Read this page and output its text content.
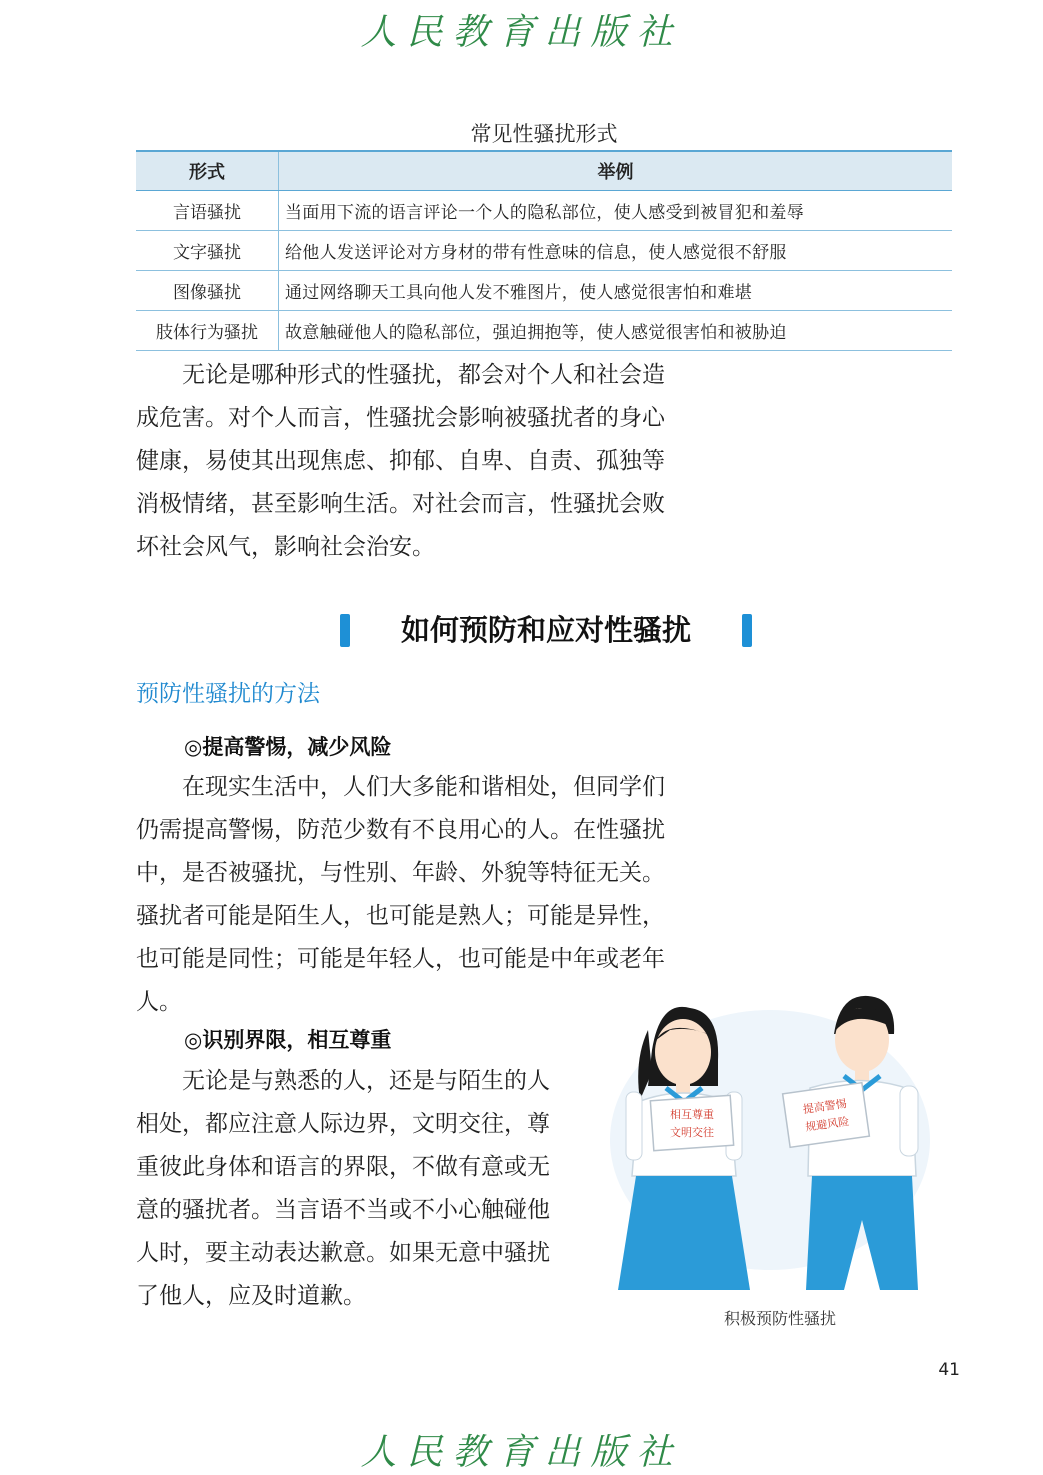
人民教育出版社
常见性骚扰形式
形式	举例
言语骚扰	当面用下流的语言评论一个人的隐私部位，使人感受到被冒犯和羞辱
文字骚扰	给他人发送评论对方身材的带有性意味的信息，使人感觉很不舒服
图像骚扰	通过网络聊天工具向他人发不雅图片，使人感觉很害怕和难堪
肢体行为骚扰	故意触碰他人的隐私部位，强迫拥抱等，使人感觉很害怕和被胁迫

无论是哪种形式的性骚扰，都会对个人和社会造成危害。对个人而言，性骚扰会影响被骚扰者的身心健康，易使其出现焦虑、抑郁、自卑、自责、孤独等消极情绪，甚至影响生活。对社会而言，性骚扰会败坏社会风气，影响社会治安。

如何预防和应对性骚扰
预防性骚扰的方法
◎提高警惕，减少风险

在现实生活中，人们大多能和谐相处，但同学们仍需提高警惕，防范少数有不良用心的人。在性骚扰中，是否被骚扰，与性别、年龄、外貌等特征无关。骚扰者可能是陌生人，也可能是熟人；可能是异性，也可能是同性；可能是年轻人，也可能是中年或老年人。

◎识别界限，相互尊重

无论是与熟悉的人，还是与陌生的人相处，都应注意人际边界，文明交往，尊重彼此身体和语言的界限，不做有意或无意的骚扰者。当言语不当或不小心触碰他人时，要主动表达歉意。如果无意中骚扰了他人，应及时道歉。

相互尊重
文明交往
提高警惕
规避风险
积极预防性骚扰
41
人民教育出版社
